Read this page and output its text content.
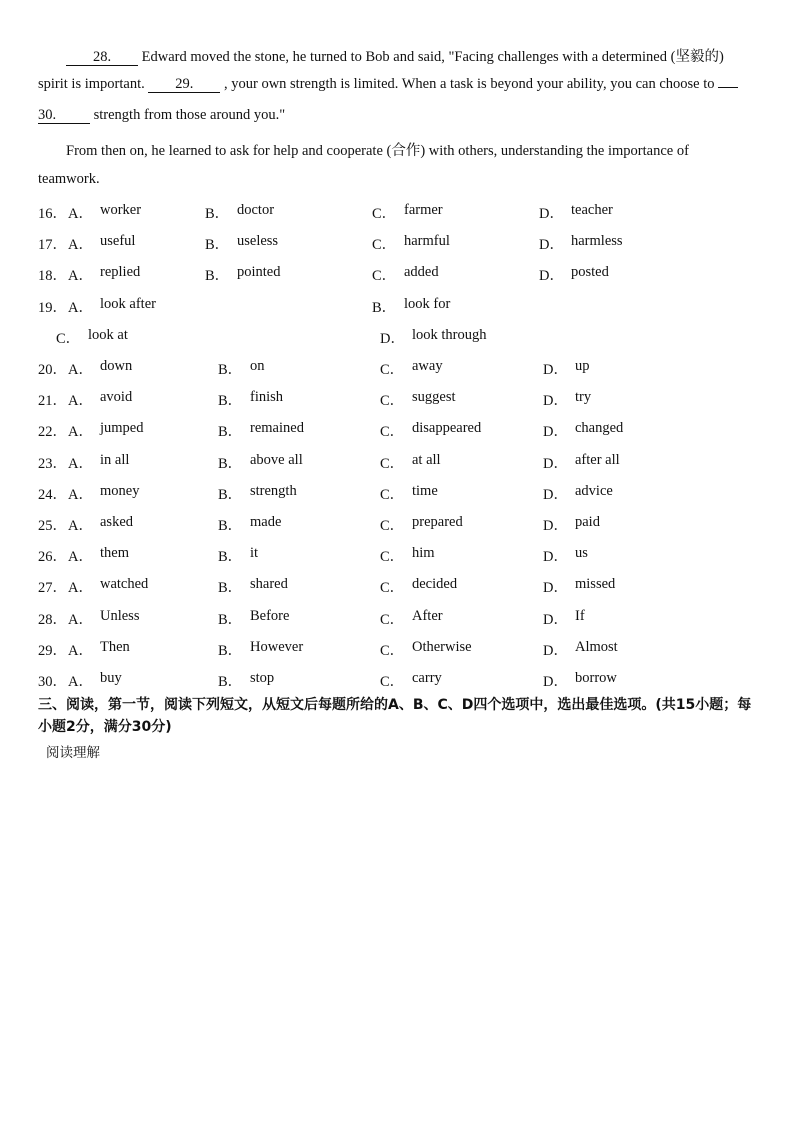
28. Edward moved the stone, he turned to Bob and said, "Facing challenges with a determined (坚毅的)
spirit is important. 29. , your own strength is limited. When a task is beyond your ability, you can choose to
30.	strength from those around you."
From then on, he learned to ask for help and cooperate (合作) with others, understanding the importance of
teamwork.
16． A． worker	B． doctor	C． farmer	D． teacher
17． A． useful	B． useless	C． harmful	D． harmless
18． A． replied	B． pointed	C． added	D． posted
19． A． look after	B． look for
C． look at	D． look through
20． A． down	B． on	C． away	D． up
21． A． avoid	B． finish	C． suggest	D． try
22． A． jumped	B． remained	C． disappeared	D． changed
23． A． in all	B． above all	C． at all	D． after all
24． A． money	B． strength	C． time	D． advice
25． A． asked	B． made	C． prepared	D． paid
26． A． them	B． it	C． him	D． us
27． A． watched	B． shared	C． decided	D． missed
28． A． Unless	B． Before	C． After	D． If
29． A． Then	B． However	C． Otherwise	D． Almost
30． A． buy	B． stop	C． carry	D． borrow
三、阅读，第一节，阅读下列短文，从短文后每题所给的A、B、C、D四个选项中，选出最佳选项。(共15小题；每小题2分，满分30分)
阅读理解
